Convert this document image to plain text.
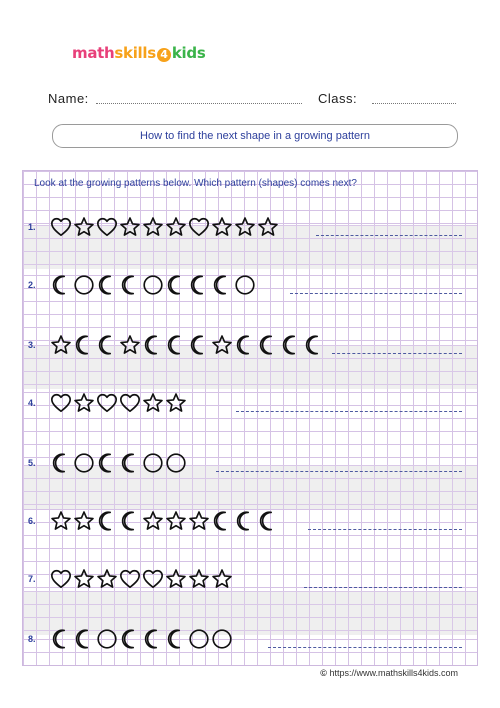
mathskills 4 kids
Name:	Class:
How to find the next shape in a growing pattern
Look at the growing patterns below. Which pattern (shapes) comes next?
1.
2.
3.
4.
5.
6.
7.
8.
© https://www.mathskills4kids.com
